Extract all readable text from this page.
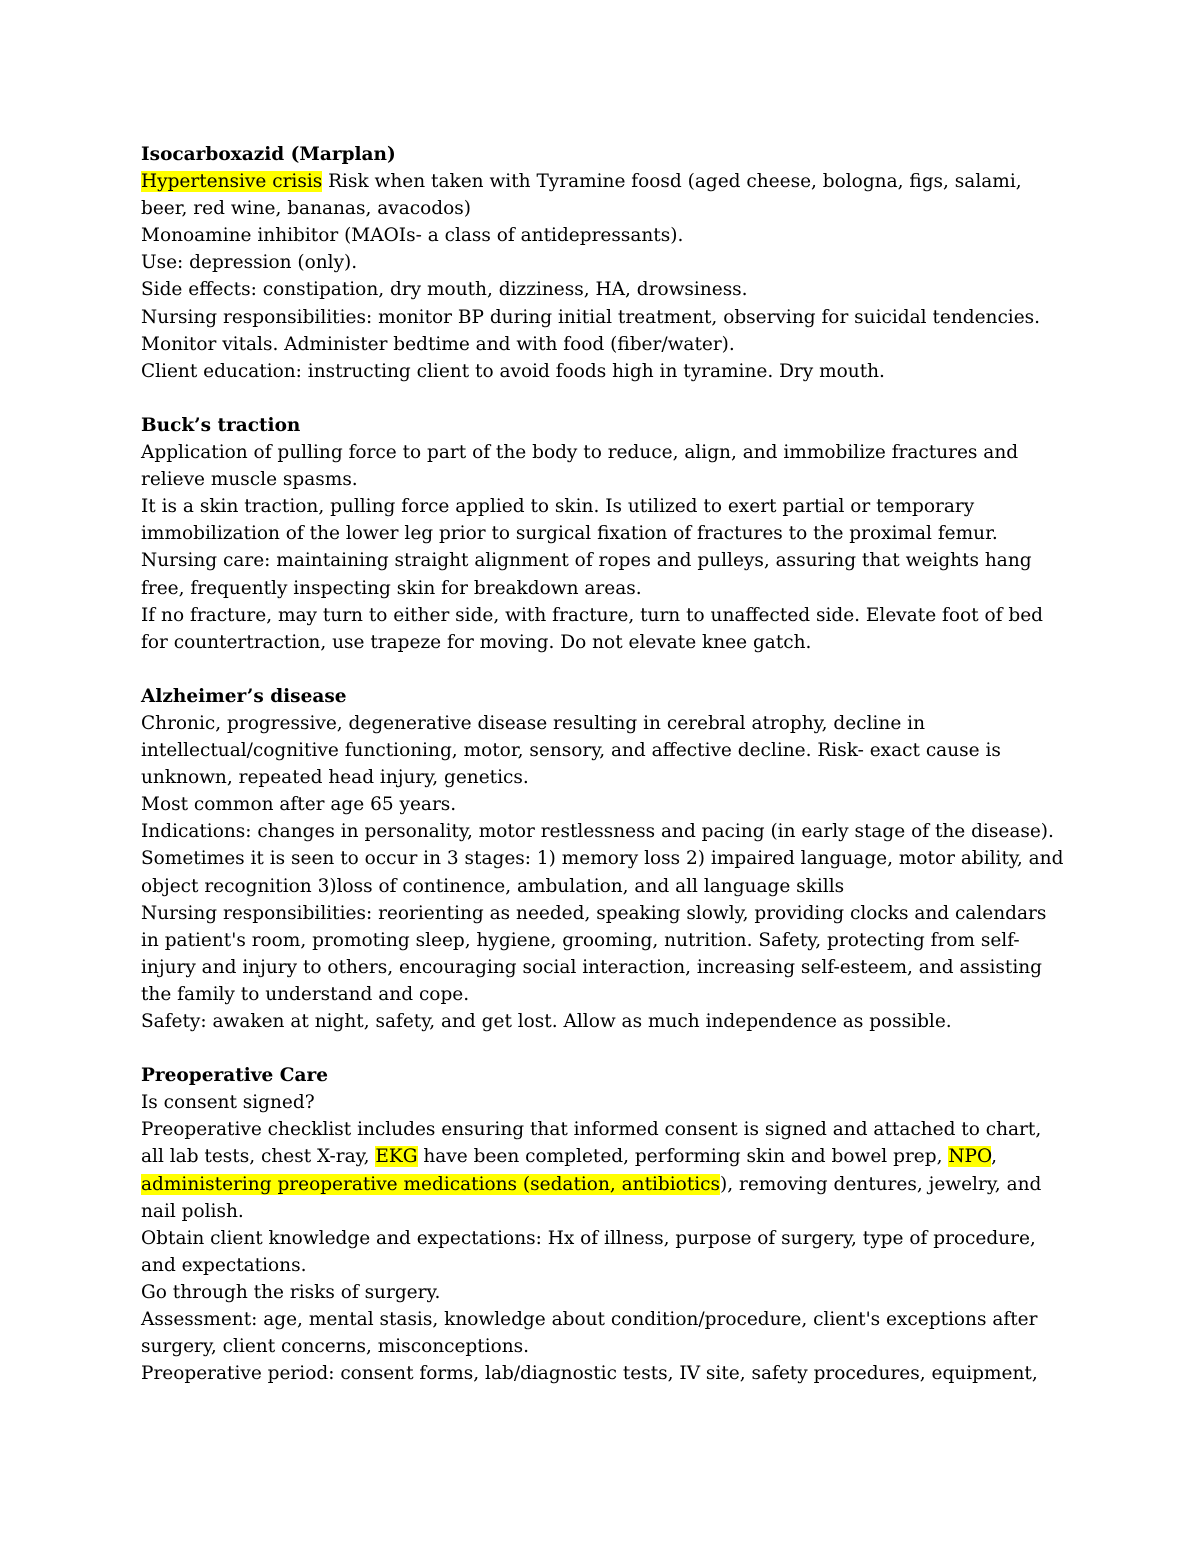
Isocarboxazid (Marplan)

Hypertensive crisis Risk when taken with Tyramine foosd (aged cheese, bologna, figs, salami, beer, red wine, bananas, avacodos)

Monoamine inhibitor (MAOIs- a class of antidepressants).

Use: depression (only).

Side effects: constipation, dry mouth, dizziness, HA, drowsiness.

Nursing responsibilities: monitor BP during initial treatment, observing for suicidal tendencies. Monitor vitals. Administer bedtime and with food (fiber/water).

Client education: instructing client to avoid foods high in tyramine. Dry mouth.

Buck’s traction

Application of pulling force to part of the body to reduce, align, and immobilize fractures and relieve muscle spasms.

It is a skin traction, pulling force applied to skin. Is utilized to exert partial or temporary immobilization of the lower leg prior to surgical fixation of fractures to the proximal femur.

Nursing care: maintaining straight alignment of ropes and pulleys, assuring that weights hang free, frequently inspecting skin for breakdown areas.

If no fracture, may turn to either side, with fracture, turn to unaffected side. Elevate foot of bed for countertraction, use trapeze for moving. Do not elevate knee gatch.

Alzheimer’s disease

Chronic, progressive, degenerative disease resulting in cerebral atrophy, decline in intellectual/cognitive functioning, motor, sensory, and affective decline. Risk- exact cause is unknown, repeated head injury, genetics.

Most common after age 65 years.

Indications: changes in personality, motor restlessness and pacing (in early stage of the disease).

Sometimes it is seen to occur in 3 stages: 1) memory loss 2) impaired language, motor ability, and object recognition 3)loss of continence, ambulation, and all language skills

Nursing responsibilities: reorienting as needed, speaking slowly, providing clocks and calendars in patient's room, promoting sleep, hygiene, grooming, nutrition. Safety, protecting from self-injury and injury to others, encouraging social interaction, increasing self-esteem, and assisting the family to understand and cope.

Safety: awaken at night, safety, and get lost. Allow as much independence as possible.

Preoperative Care

Is consent signed?

Preoperative checklist includes ensuring that informed consent is signed and attached to chart, all lab tests, chest X-ray, EKG have been completed, performing skin and bowel prep, NPO, administering preoperative medications (sedation, antibiotics), removing dentures, jewelry, and nail polish.

Obtain client knowledge and expectations: Hx of illness, purpose of surgery, type of procedure, and expectations.

Go through the risks of surgery.

Assessment: age, mental stasis, knowledge about condition/procedure, client's exceptions after surgery, client concerns, misconceptions.

Preoperative period: consent forms, lab/diagnostic tests, IV site, safety procedures, equipment,
